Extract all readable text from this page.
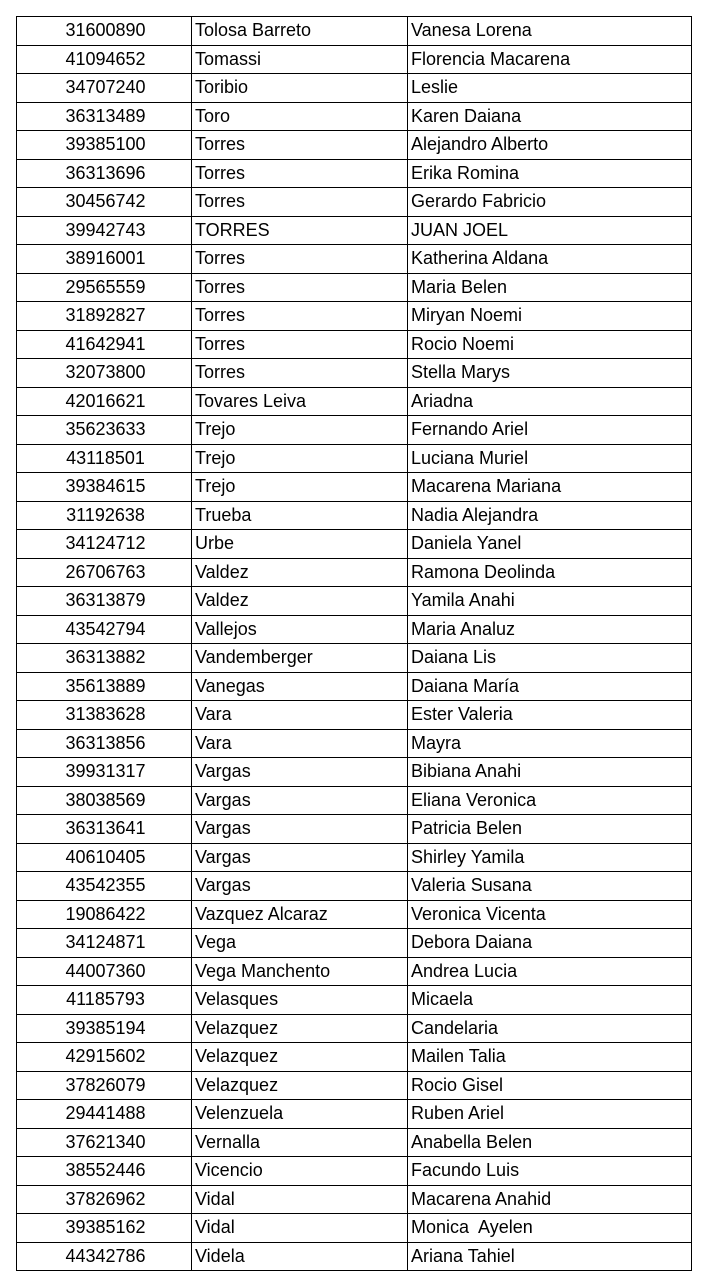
31600890	Tolosa Barreto	Vanesa Lorena
41094652	Tomassi	Florencia Macarena
34707240	Toribio	Leslie
36313489	Toro	Karen Daiana
39385100	Torres	Alejandro Alberto
36313696	Torres	Erika Romina
30456742	Torres	Gerardo Fabricio
39942743	TORRES	JUAN JOEL
38916001	Torres	Katherina Aldana
29565559	Torres	Maria Belen
31892827	Torres	Miryan Noemi
41642941	Torres	Rocio Noemi
32073800	Torres	Stella Marys
42016621	Tovares Leiva	Ariadna
35623633	Trejo	Fernando Ariel
43118501	Trejo	Luciana Muriel
39384615	Trejo	Macarena Mariana
31192638	Trueba	Nadia Alejandra
34124712	Urbe	Daniela Yanel
26706763	Valdez	Ramona Deolinda
36313879	Valdez	Yamila Anahi
43542794	Vallejos	Maria Analuz
36313882	Vandemberger	Daiana Lis
35613889	Vanegas	Daiana María
31383628	Vara	Ester Valeria
36313856	Vara	Mayra
39931317	Vargas	Bibiana Anahi
38038569	Vargas	Eliana Veronica
36313641	Vargas	Patricia Belen
40610405	Vargas	Shirley Yamila
43542355	Vargas	Valeria Susana
19086422	Vazquez Alcaraz	Veronica Vicenta
34124871	Vega	Debora Daiana
44007360	Vega Manchento	Andrea Lucia
41185793	Velasques	Micaela
39385194	Velazquez	Candelaria
42915602	Velazquez	Mailen Talia
37826079	Velazquez	Rocio Gisel
29441488	Velenzuela	Ruben Ariel
37621340	Vernalla	Anabella Belen
38552446	Vicencio	Facundo Luis
37826962	Vidal	Macarena Anahid
39385162	Vidal	Monica  Ayelen
44342786	Videla	Ariana Tahiel
